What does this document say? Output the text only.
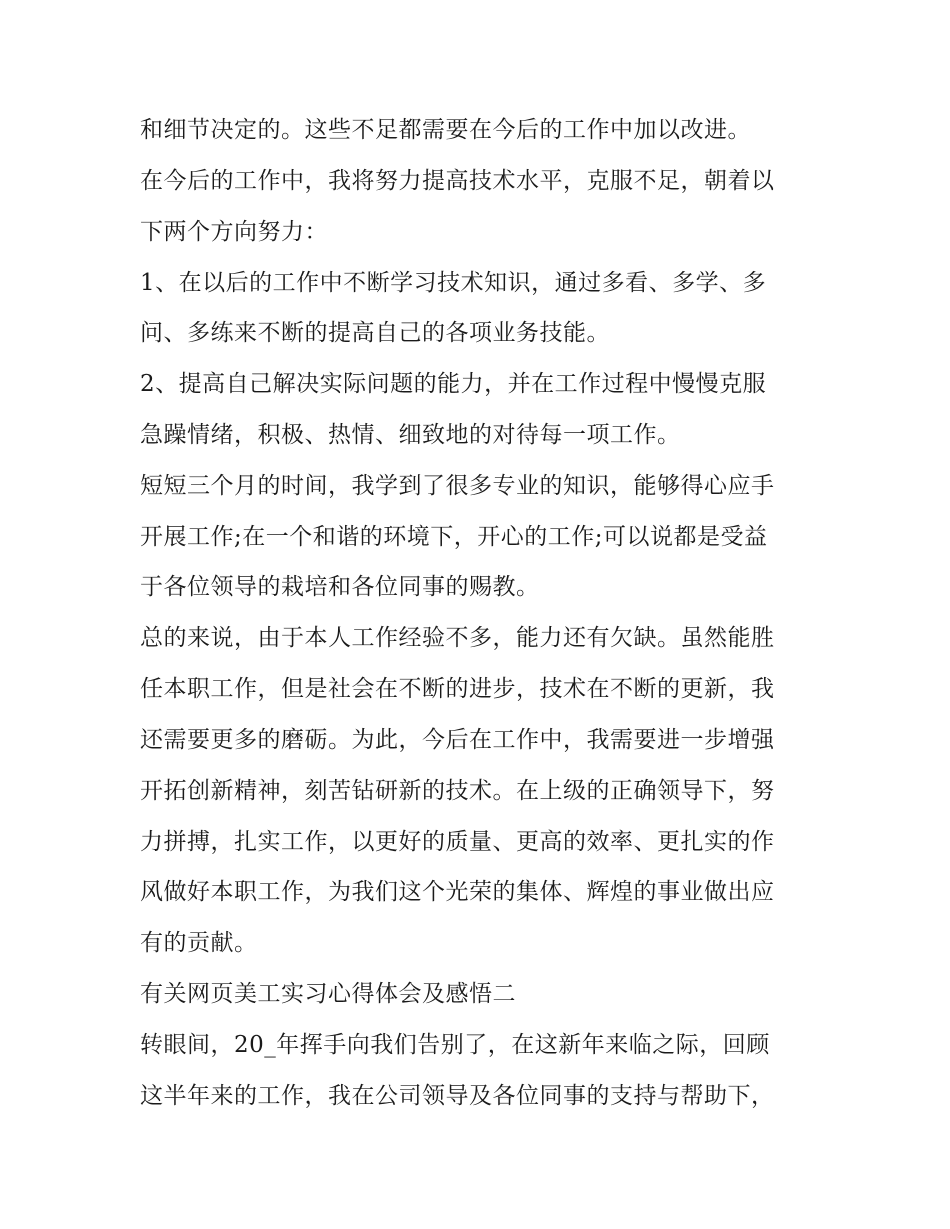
和细节决定的。这些不足都需要在今后的工作中加以改进。
在今后的工作中，我将努力提高技术水平，克服不足，朝着以
下两个方向努力：
1、在以后的工作中不断学习技术知识，通过多看、多学、多
问、多练来不断的提高自己的各项业务技能。
2、提高自己解决实际问题的能力，并在工作过程中慢慢克服
急躁情绪，积极、热情、细致地的对待每一项工作。
短短三个月的时间，我学到了很多专业的知识，能够得心应手
开展工作;在一个和谐的环境下，开心的工作;可以说都是受益
于各位领导的栽培和各位同事的赐教。
总的来说，由于本人工作经验不多，能力还有欠缺。虽然能胜
任本职工作，但是社会在不断的进步，技术在不断的更新，我
还需要更多的磨砺。为此，今后在工作中，我需要进一步增强
开拓创新精神，刻苦钻研新的技术。在上级的正确领导下，努
力拼搏，扎实工作，以更好的质量、更高的效率、更扎实的作
风做好本职工作，为我们这个光荣的集体、辉煌的事业做出应
有的贡献。
有关网页美工实习心得体会及感悟二
转眼间，20_年挥手向我们告别了，在这新年来临之际，回顾
这半年来的工作，我在公司领导及各位同事的支持与帮助下，
